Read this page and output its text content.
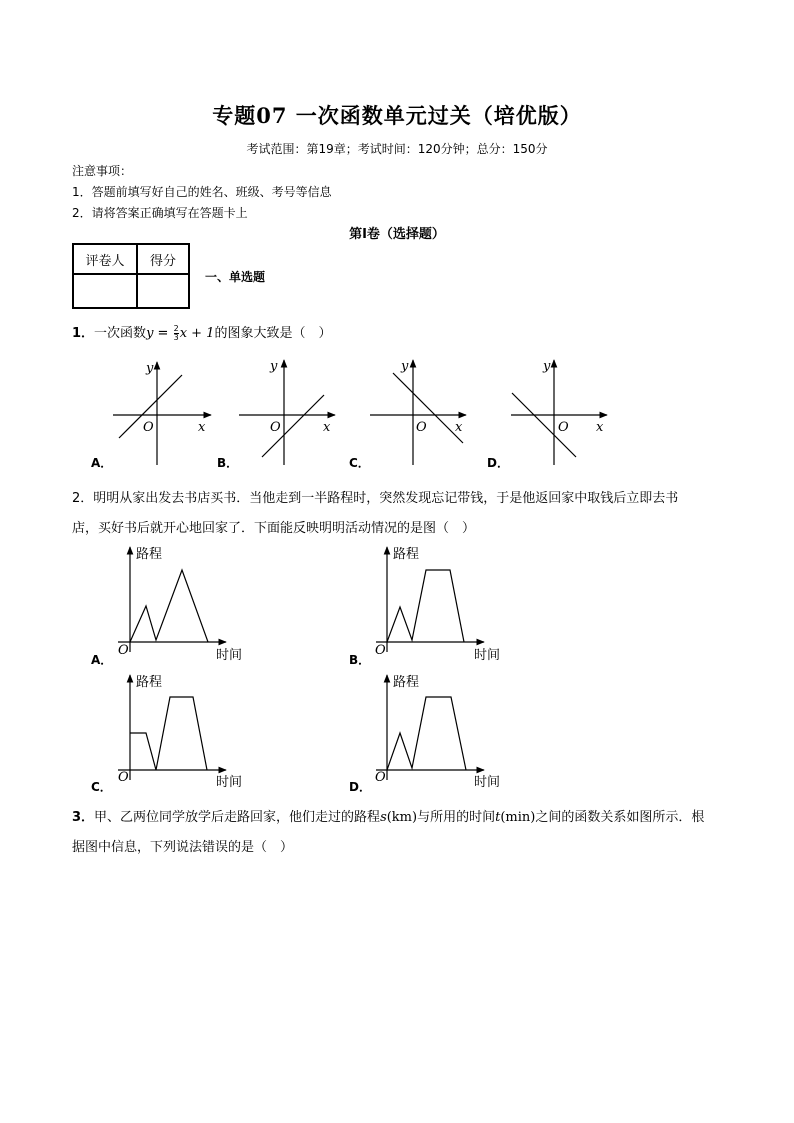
专题07 一次函数单元过关（培优版）
考试范围：第19章；考试时间：120分钟；总分：150分
注意事项：
1．答题前填写好自己的姓名、班级、考号等信息
2．请将答案正确填写在答题卡上
第I卷（选择题）
评卷人	得分

一、单选题
1．一次函数$y = \frac{2}{3}$ x + 1的图象大致是（　）
y
x
O
y
x
O
y
x
O
y
x
O
路程
时间
O
路程
时间
O
路程
时间
O
路程
时间
O
A．	B．	C．	D．
2．明明从家出发去书店买书．当他走到一半路程时，突然发现忘记带钱，于是他返回家中取钱后立即去书
店，买好书后就开心地回家了．下面能反映明明活动情况的是图（　）
A．	B．
C．	D．
3．甲、乙两位同学放学后走路回家，他们走过的路程s(km)与所用的时间t(min)之间的函数关系如图所示．根
据图中信息，下列说法错误的是（　）
